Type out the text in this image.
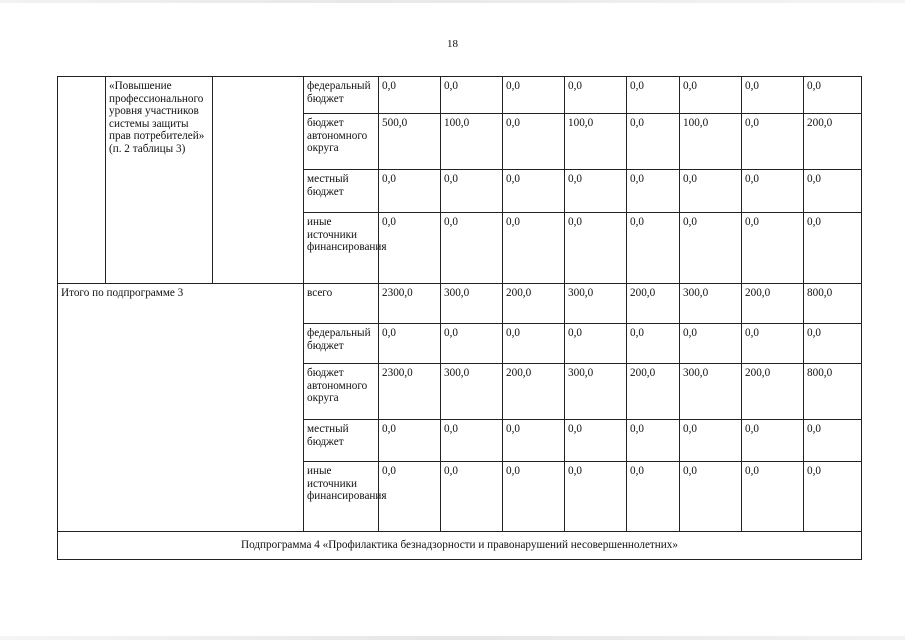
18
	«Повышение профессионального уровня участников системы защиты прав потребителей» (п. 2 таблицы 3)		федеральный бюджет	0,0	0,0	0,0	0,0	0,0	0,0	0,0	0,0
			бюджет автономного округа	500,0	100,0	0,0	100,0	0,0	100,0	0,0	200,0
			местный бюджет	0,0	0,0	0,0	0,0	0,0	0,0	0,0	0,0
			иные источники финансирования	0,0	0,0	0,0	0,0	0,0	0,0	0,0	0,0
Итого по подпрограмме 3			всего	2300,0	300,0	200,0	300,0	200,0	300,0	200,0	800,0
			федеральный бюджет	0,0	0,0	0,0	0,0	0,0	0,0	0,0	0,0
			бюджет автономного округа	2300,0	300,0	200,0	300,0	200,0	300,0	200,0	800,0
			местный бюджет	0,0	0,0	0,0	0,0	0,0	0,0	0,0	0,0
			иные источники финансирования	0,0	0,0	0,0	0,0	0,0	0,0	0,0	0,0
Подпрограмма 4 «Профилактика безнадзорности и правонарушений несовершеннолетних»											
